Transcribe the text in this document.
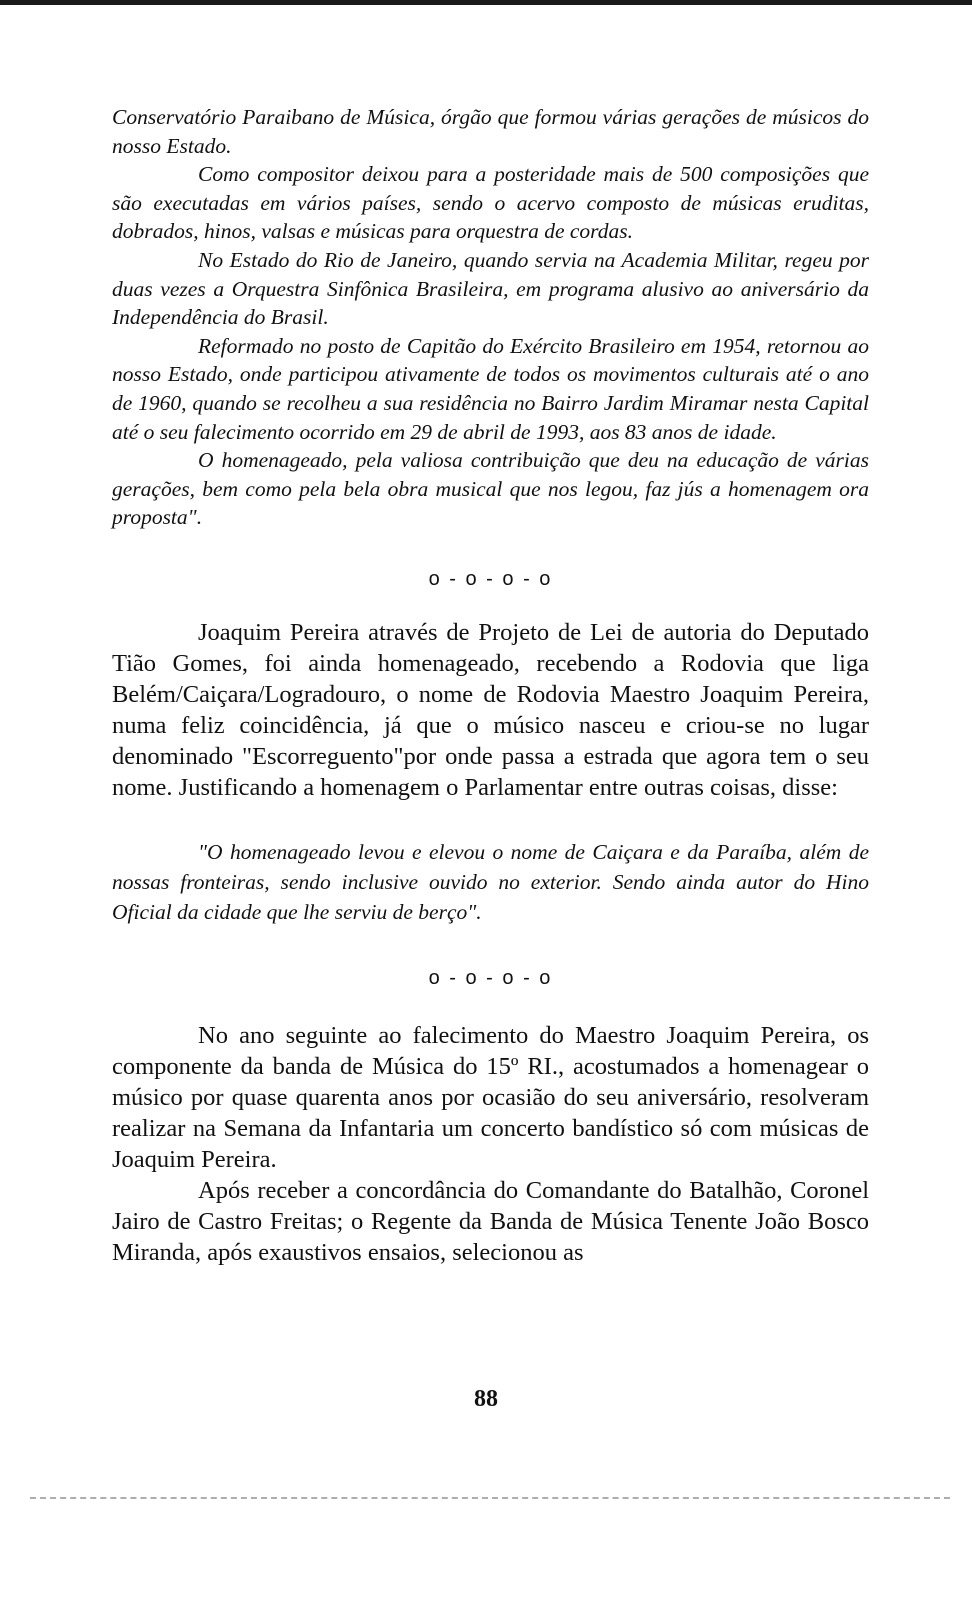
Conservatório Paraibano de Música, órgão que formou várias gerações de músicos do nosso Estado.

Como compositor deixou para a posteridade mais de 500 composições que são executadas em vários países, sendo o acervo composto de músicas eruditas, dobrados, hinos, valsas e músicas para orquestra de cordas.

No Estado do Rio de Janeiro, quando servia na Academia Militar, regeu por duas vezes a Orquestra Sinfônica Brasileira, em programa alusivo ao aniversário da Independência do Brasil.

Reformado no posto de Capitão do Exército Brasileiro em 1954, retornou ao nosso Estado, onde participou ativamente de todos os movimentos culturais até o ano de 1960, quando se recolheu a sua residência no Bairro Jardim Miramar nesta Capital até o seu falecimento ocorrido em 29 de abril de 1993, aos 83 anos de idade.

O homenageado, pela valiosa contribuição que deu na educação de várias gerações, bem como pela bela obra musical que nos legou, faz jús a homenagem ora proposta".

o - o - o - o

Joaquim Pereira através de Projeto de Lei de autoria do Deputado Tião Gomes, foi ainda homenageado, recebendo a Rodovia que liga Belém/Caiçara/Logradouro, o nome de Rodovia Maestro Joaquim Pereira, numa feliz coincidência, já que o músico nasceu e criou-se no lugar denominado "Escorreguento"por onde passa a estrada que agora tem o seu nome. Justificando a homenagem o Parlamentar entre outras coisas, disse:

"O homenageado levou e elevou o nome de Caiçara e da Paraíba, além de nossas fronteiras, sendo inclusive ouvido no exterior. Sendo ainda autor do Hino Oficial da cidade que lhe serviu de berço".

o - o - o - o

No ano seguinte ao falecimento do Maestro Joaquim Pereira, os componente da banda de Música do 15º RI., acostumados a homenagear o músico por quase quarenta anos por ocasião do seu aniversário, resolveram realizar na Semana da Infantaria um concerto bandístico só com músicas de Joaquim Pereira.

Após receber a concordância do Comandante do Batalhão, Coronel Jairo de Castro Freitas; o Regente da Banda de Música Tenente João Bosco Miranda, após exaustivos ensaios, selecionou as

88
